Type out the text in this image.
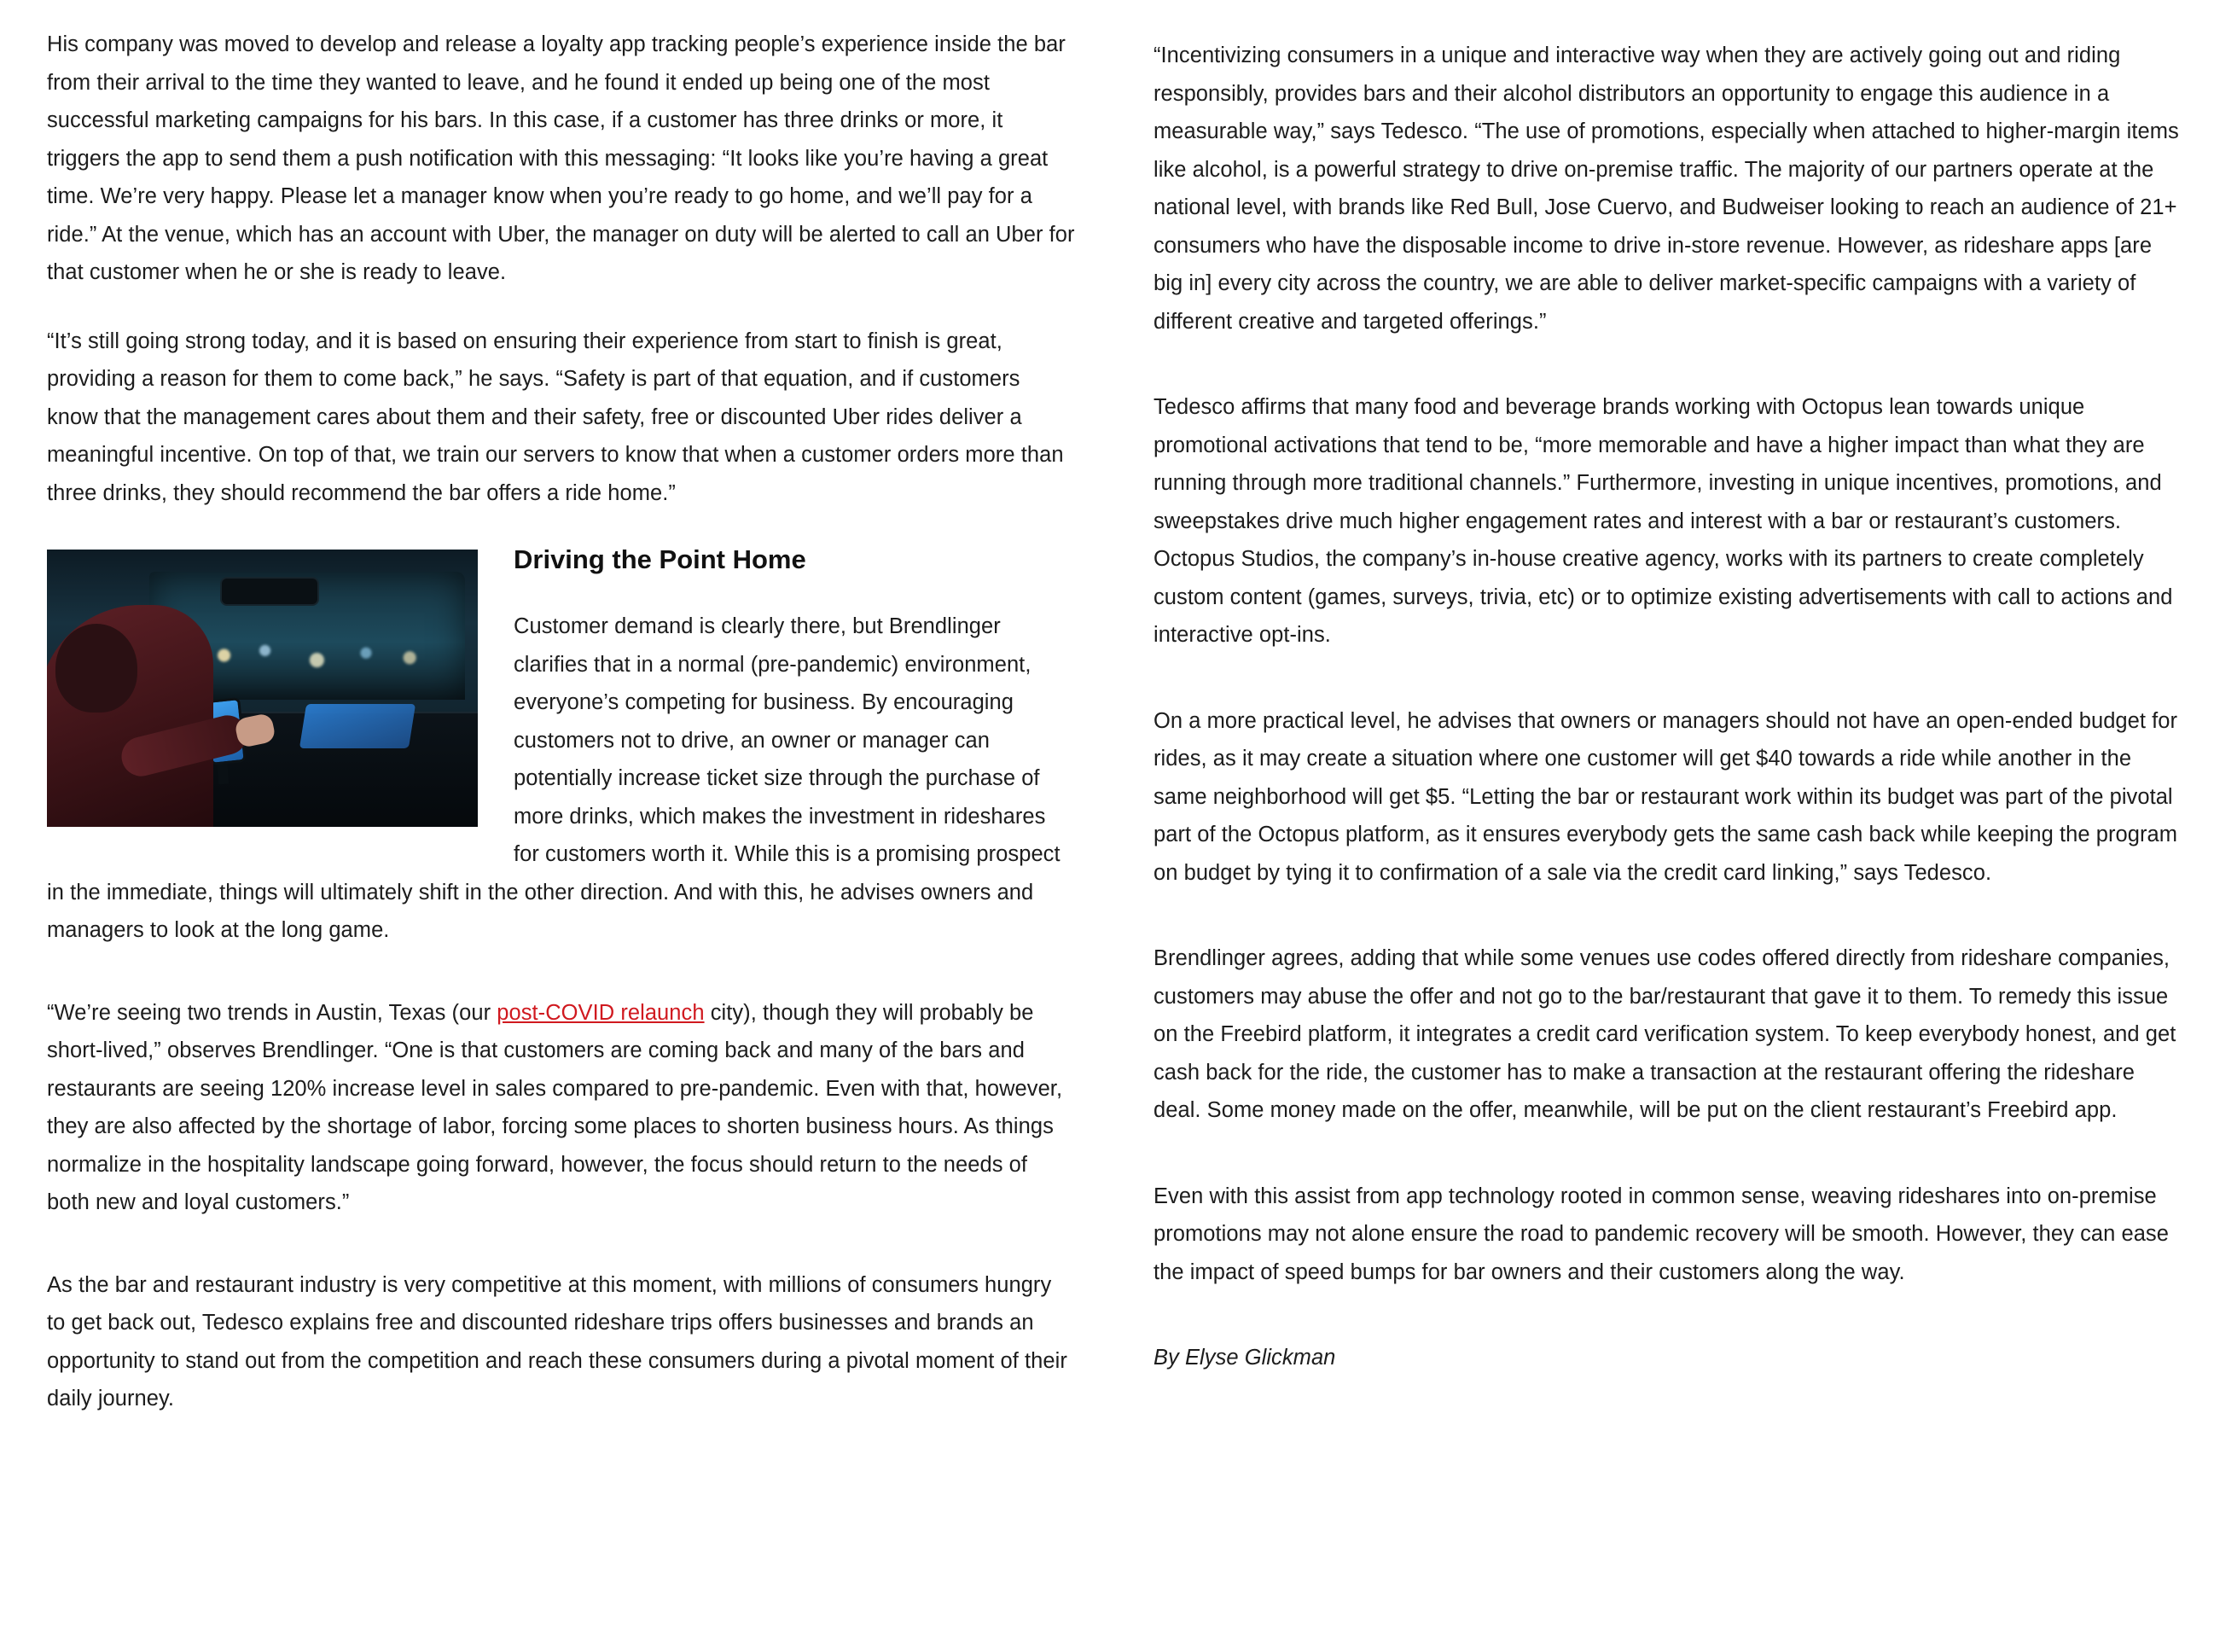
His company was moved to develop and release a loyalty app tracking people’s experience inside the bar from their arrival to the time they wanted to leave, and he found it ended up being one of the most successful marketing campaigns for his bars. In this case, if a customer has three drinks or more, it triggers the app to send them a push notification with this messaging: “It looks like you’re having a great time. We’re very happy. Please let a manager know when you’re ready to go home, and we’ll pay for a ride.” At the venue, which has an account with Uber, the manager on duty will be alerted to call an Uber for that customer when he or she is ready to leave.

“It’s still going strong today, and it is based on ensuring their experience from start to finish is great, providing a reason for them to come back,” he says. “Safety is part of that equation, and if customers know that the management cares about them and their safety, free or discounted Uber rides deliver a meaningful incentive. On top of that, we train our servers to know that when a customer orders more than three drinks, they should recommend the bar offers a ride home.”

Driving the Point Home

Customer demand is clearly there, but Brendlinger clarifies that in a normal (pre-pandemic) environment, everyone’s competing for business. By encouraging customers not to drive, an owner or manager can potentially increase ticket size through the purchase of more drinks, which makes the investment in rideshares for customers worth it. While this is a promising prospect in the immediate, things will ultimately shift in the other direction. And with this, he advises owners and managers to look at the long game.

“We’re seeing two trends in Austin, Texas (our post-COVID relaunch city), though they will probably be short-lived,” observes Brendlinger. “One is that customers are coming back and many of the bars and restaurants are seeing 120% increase level in sales compared to pre-pandemic. Even with that, however, they are also affected by the shortage of labor, forcing some places to shorten business hours. As things normalize in the hospitality landscape going forward, however, the focus should return to the needs of both new and loyal customers.”

As the bar and restaurant industry is very competitive at this moment, with millions of consumers hungry to get back out, Tedesco explains free and discounted rideshare trips offers businesses and brands an opportunity to stand out from the competition and reach these consumers during a pivotal moment of their daily journey.

“Incentivizing consumers in a unique and interactive way when they are actively going out and riding responsibly, provides bars and their alcohol distributors an opportunity to engage this audience in a measurable way,” says Tedesco. “The use of promotions, especially when attached to higher-margin items like alcohol, is a powerful strategy to drive on-premise traffic. The majority of our partners operate at the national level, with brands like Red Bull, Jose Cuervo, and Budweiser looking to reach an audience of 21+ consumers who have the disposable income to drive in-store revenue. However, as rideshare apps [are big in] every city across the country, we are able to deliver market-specific campaigns with a variety of different creative and targeted offerings.”

Tedesco affirms that many food and beverage brands working with Octopus lean towards unique promotional activations that tend to be, “more memorable and have a higher impact than what they are running through more traditional channels.” Furthermore, investing in unique incentives, promotions, and sweepstakes drive much higher engagement rates and interest with a bar or restaurant’s customers. Octopus Studios, the company’s in-house creative agency, works with its partners to create completely custom content (games, surveys, trivia, etc) or to optimize existing advertisements with call to actions and interactive opt-ins.

On a more practical level, he advises that owners or managers should not have an open-ended budget for rides, as it may create a situation where one customer will get $40 towards a ride while another in the same neighborhood will get $5. “Letting the bar or restaurant work within its budget was part of the pivotal part of the Octopus platform, as it ensures everybody gets the same cash back while keeping the program on budget by tying it to confirmation of a sale via the credit card linking,” says Tedesco.

Brendlinger agrees, adding that while some venues use codes offered directly from rideshare companies, customers may abuse the offer and not go to the bar/restaurant that gave it to them. To remedy this issue on the Freebird platform, it integrates a credit card verification system. To keep everybody honest, and get cash back for the ride, the customer has to make a transaction at the restaurant offering the rideshare deal. Some money made on the offer, meanwhile, will be put on the client restaurant’s Freebird app.

Even with this assist from app technology rooted in common sense, weaving rideshares into on-premise promotions may not alone ensure the road to pandemic recovery will be smooth. However, they can ease the impact of speed bumps for bar owners and their customers along the way.

By Elyse Glickman
